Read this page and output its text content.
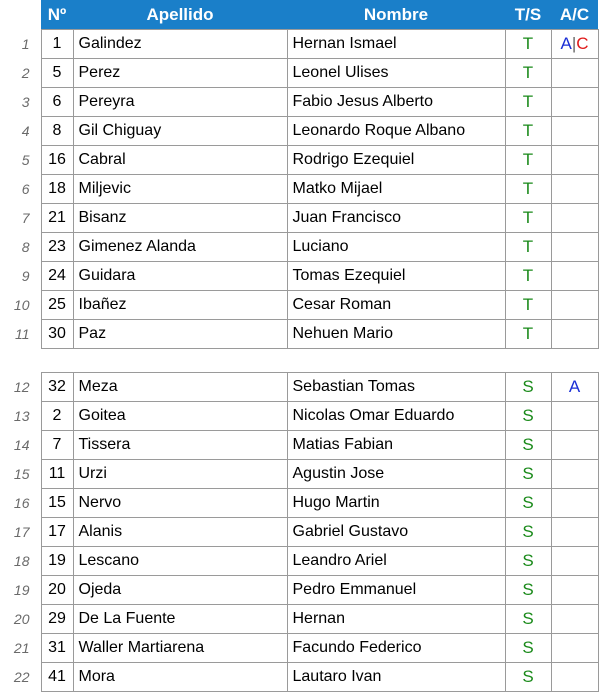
	Nº	Apellido	Nombre	T/S	A/C
1	1	Galindez	Hernan Ismael	T	A|C
2	5	Perez	Leonel Ulises	T	
3	6	Pereyra	Fabio Jesus Alberto	T	
4	8	Gil Chiguay	Leonardo Roque Albano	T	
5	16	Cabral	Rodrigo Ezequiel	T	
6	18	Miljevic	Matko Mijael	T	
7	21	Bisanz	Juan Francisco	T	
8	23	Gimenez Alanda	Luciano	T	
9	24	Guidara	Tomas Ezequiel	T	
10	25	Ibañez	Cesar Roman	T	
11	30	Paz	Nehuen Mario	T	

12	32	Meza	Sebastian Tomas	S	A
13	2	Goitea	Nicolas Omar Eduardo	S	
14	7	Tissera	Matias Fabian	S	
15	11	Urzi	Agustin Jose	S	
16	15	Nervo	Hugo Martin	S	
17	17	Alanis	Gabriel Gustavo	S	
18	19	Lescano	Leandro Ariel	S	
19	20	Ojeda	Pedro Emmanuel	S	
20	29	De La Fuente	Hernan	S	
21	31	Waller Martiarena	Facundo Federico	S	
22	41	Mora	Lautaro Ivan	S	
